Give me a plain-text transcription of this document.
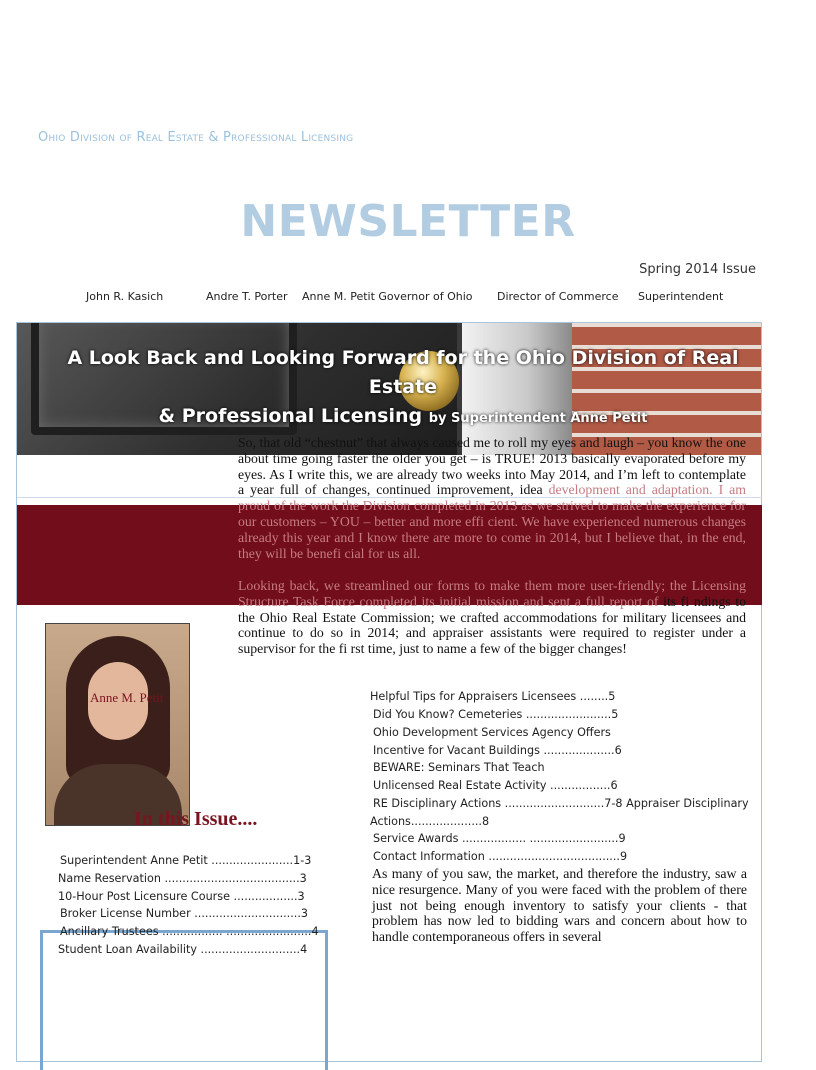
Ohio Division of Real Estate & Professional Licensing
NEWSLETTER
Spring 2014 Issue
John R. Kasich	Andre T. Porter Anne M. Petit Governor of Ohio Director of Commerce Superintendent
A Look Back and Looking Forward for the Ohio Division of Real Estate
& Professional Licensing by Superintendent Anne Petit
So, that old “chestnut” that always caused me to roll my eyes and laugh – you know the one about time going faster the older you get – is TRUE! 2013 basically evaporated before my eyes. As I write this, we are already two weeks into May 2014, and I’m left to contemplate a year full of changes, continued improvement, idea development and adaptation. I am proud of the work the Division completed in 2013 as we strived to make the experience for our customers – YOU – better and more effi cient. We have experienced numerous changes already this year and I know there are more to come in 2014, but I believe that, in the end, they will be benefi cial for us all.
Looking back, we streamlined our forms to make them more user-friendly; the Licensing Structure Task Force completed its initial mission and sent a full report of its fi ndings to the Ohio Real Estate Commission; we crafted accommodations for military licensees and continue to do so in 2014; and appraiser assistants were required to register under a supervisor for the fi rst time, just to name a few of the bigger changes!
Anne M. Petit
In this Issue....
Superintendent Anne Petit .......................1-3
Name Reservation ......................................3
10-Hour Post Licensure Course ..................3
Broker License Number ..............................3
Ancillary Trustees ................. ........................4
Student Loan Availability ............................4
Helpful Tips for Appraisers Licensees ........5
Did You Know? Cemeteries ........................5
Ohio Development Services Agency Offers
Incentive for Vacant Buildings ....................6
BEWARE: Seminars That Teach
Unlicensed Real Estate Activity .................6
RE Disciplinary Actions ............................7-8 Appraiser Disciplinary
Actions....................8
Service Awards .................. .........................9
Contact Information .....................................9
As many of you saw, the market, and therefore the industry, saw a nice resurgence. Many of you were faced with the problem of there just not being enough inventory to satisfy your clients - that problem has now led to bidding wars and concern about how to handle contemporaneous offers in several
